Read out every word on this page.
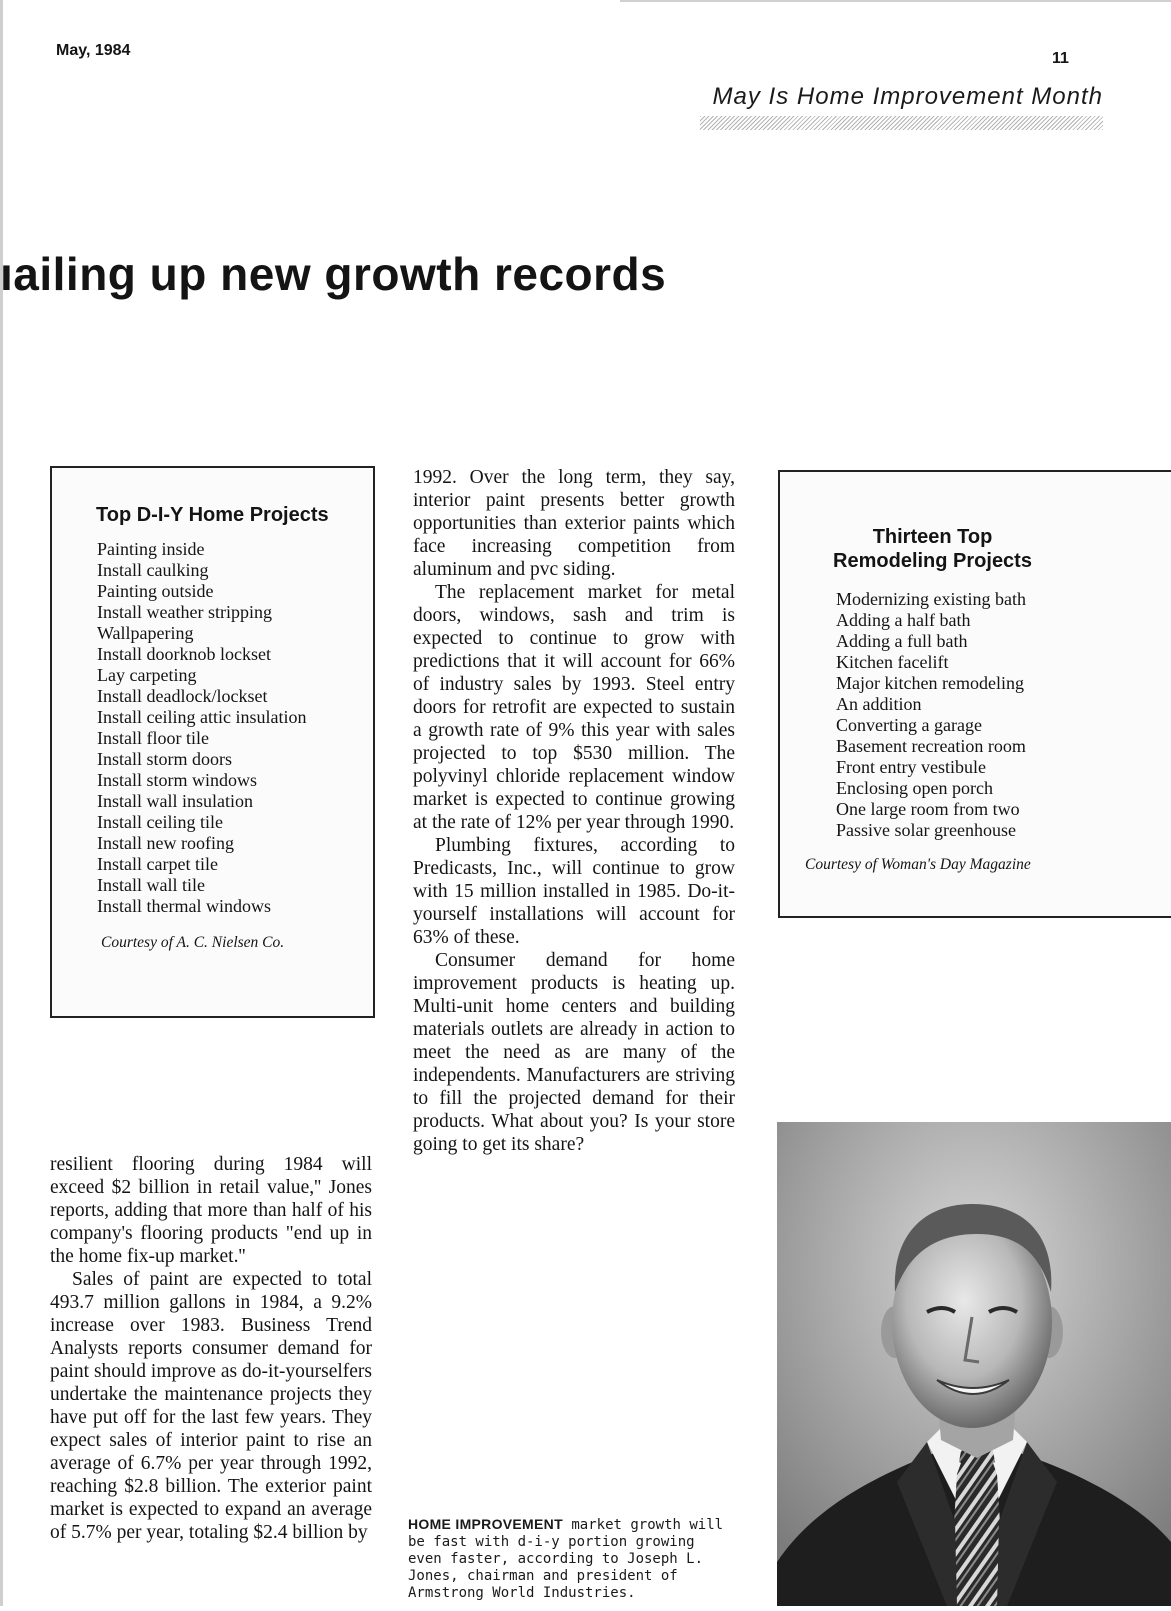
May, 1984	11
May Is Home Improvement Month
ıailing up new growth records
Top D-I-Y Home Projects
Painting inside
Install caulking
Painting outside
Install weather stripping
Wallpapering
Install doorknob lockset
Lay carpeting
Install deadlock/lockset
Install ceiling attic insulation
Install floor tile
Install storm doors
Install storm windows
Install wall insulation
Install ceiling tile
Install new roofing
Install carpet tile
Install wall tile
Install thermal windows
Courtesy of A. C. Nielsen Co.
Thirteen Top
Remodeling Projects
Modernizing existing bath
Adding a half bath
Adding a full bath
Kitchen facelift
Major kitchen remodeling
An addition
Converting a garage
Basement recreation room
Front entry vestibule
Enclosing open porch
One large room from two
Passive solar greenhouse
Courtesy of Woman's Day Magazine

1992. Over the long term, they say, interior paint presents better growth opportunities than exterior paints which face increasing competition from aluminum and pvc siding.

The replacement market for metal doors, windows, sash and trim is expected to continue to grow with predictions that it will account for 66% of industry sales by 1993. Steel entry doors for retrofit are expected to sustain a growth rate of 9% this year with sales projected to top $530 million. The polyvinyl chloride replacement window market is expected to continue growing at the rate of 12% per year through 1990.

Plumbing fixtures, according to Predicasts, Inc., will continue to grow with 15 million installed in 1985. Do-it-yourself installations will account for 63% of these.

Consumer demand for home improvement products is heating up. Multi-unit home centers and building materials outlets are already in action to meet the need as are many of the independents. Manufacturers are striving to fill the projected demand for their products. What about you? Is your store going to get its share?

resilient flooring during 1984 will exceed $2 billion in retail value,'' Jones reports, adding that more than half of his company's flooring products "end up in the home fix-up market.''

Sales of paint are expected to total 493.7 million gallons in 1984, a 9.2% increase over 1983. Business Trend Analysts reports consumer demand for paint should improve as do-it-yourselfers undertake the maintenance projects they have put off for the last few years. They expect sales of interior paint to rise an average of 6.7% per year through 1992, reaching $2.8 billion. The exterior paint market is expected to expand an average of 5.7% per year, totaling $2.4 billion by	HOME IMPROVEMENT market growth will be fast with d-i-y portion growing even faster, according to Joseph L. Jones, chairman and president of Armstrong World Industries.
